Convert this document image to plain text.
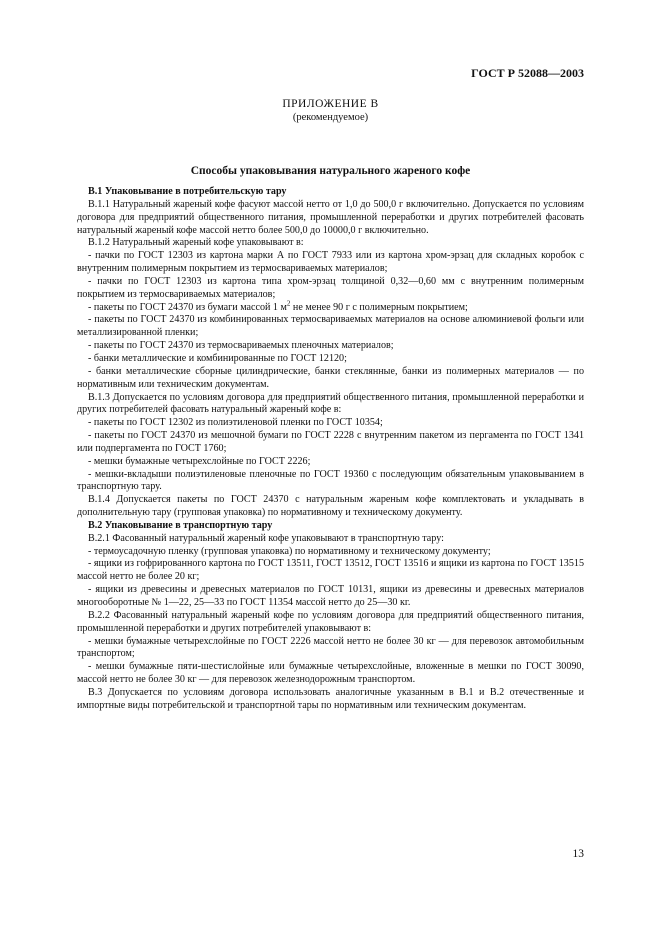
ГОСТ Р 52088—2003
ПРИЛОЖЕНИЕ В
(рекомендуемое)
Способы упаковывания натурального жареного кофе

В.1 Упаковывание в потребительскую тару

В.1.1 Натуральный жареный кофе фасуют массой нетто от 1,0 до 500,0 г включительно. Допускается по условиям договора для предприятий общественного питания, промышленной переработки и других потребителей фасовать натуральный жареный кофе массой нетто более 500,0 до 10000,0 г включительно.

В.1.2 Натуральный жареный кофе упаковывают в:

- пачки по ГОСТ 12303 из картона марки А по ГОСТ 7933 или из картона хром-эрзац для складных коробок с внутренним полимерным покрытием из термосвариваемых материалов;

- пачки по ГОСТ 12303 из картона типа хром-эрзац толщиной 0,32—0,60 мм с внутренним полимерным покрытием из термосвариваемых материалов;

- пакеты по ГОСТ 24370 из бумаги массой 1 $м^2$ не менее 90 г с полимерным покрытием;

- пакеты по ГОСТ 24370 из комбинированных термосвариваемых материалов на основе алюминиевой фольги или металлизированной пленки;

- пакеты по ГОСТ 24370 из термосвариваемых пленочных материалов;

- банки металлические и комбинированные по ГОСТ 12120;

- банки металлические сборные цилиндрические, банки стеклянные, банки из полимерных материалов — по нормативным или техническим документам.

В.1.3 Допускается по условиям договора для предприятий общественного питания, промышленной переработки и других потребителей фасовать натуральный жареный кофе в:

- пакеты по ГОСТ 12302 из полиэтиленовой пленки по ГОСТ 10354;

- пакеты по ГОСТ 24370 из мешочной бумаги по ГОСТ 2228 с внутренним пакетом из пергамента по ГОСТ 1341 или подпергамента по ГОСТ 1760;

- мешки бумажные четырехслойные по ГОСТ 2226;

- мешки-вкладыши полиэтиленовые пленочные по ГОСТ 19360 с последующим обязательным упаковыванием в транспортную тару.

В.1.4 Допускается пакеты по ГОСТ 24370 с натуральным жареным кофе комплектовать и укладывать в дополнительную тару (групповая упаковка) по нормативному и техническому документу.

В.2 Упаковывание в транспортную тару

В.2.1 Фасованный натуральный жареный кофе упаковывают в транспортную тару:

- термоусадочную пленку (групповая упаковка) по нормативному и техническому документу;

- ящики из гофрированного картона по ГОСТ 13511, ГОСТ 13512, ГОСТ 13516 и ящики из картона по ГОСТ 13515 массой нетто не более 20 кг;

- ящики из древесины и древесных материалов по ГОСТ 10131, ящики из древесины и древесных материалов многооборотные № 1—22, 25—33 по ГОСТ 11354 массой нетто до 25—30 кг.

В.2.2 Фасованный натуральный жареный кофе по условиям договора для предприятий общественного питания, промышленной переработки и других потребителей упаковывают в:

- мешки бумажные четырехслойные по ГОСТ 2226 массой нетто не более 30 кг — для перевозок автомобильным транспортом;

- мешки бумажные пяти-шестислойные или бумажные четырехслойные, вложенные в мешки по ГОСТ 30090, массой нетто не более 30 кг — для перевозок железнодорожным транспортом.

В.3 Допускается по условиям договора использовать аналогичные указанным в В.1 и В.2 отечественные и импортные виды потребительской и транспортной тары по нормативным или техническим документам.

13
